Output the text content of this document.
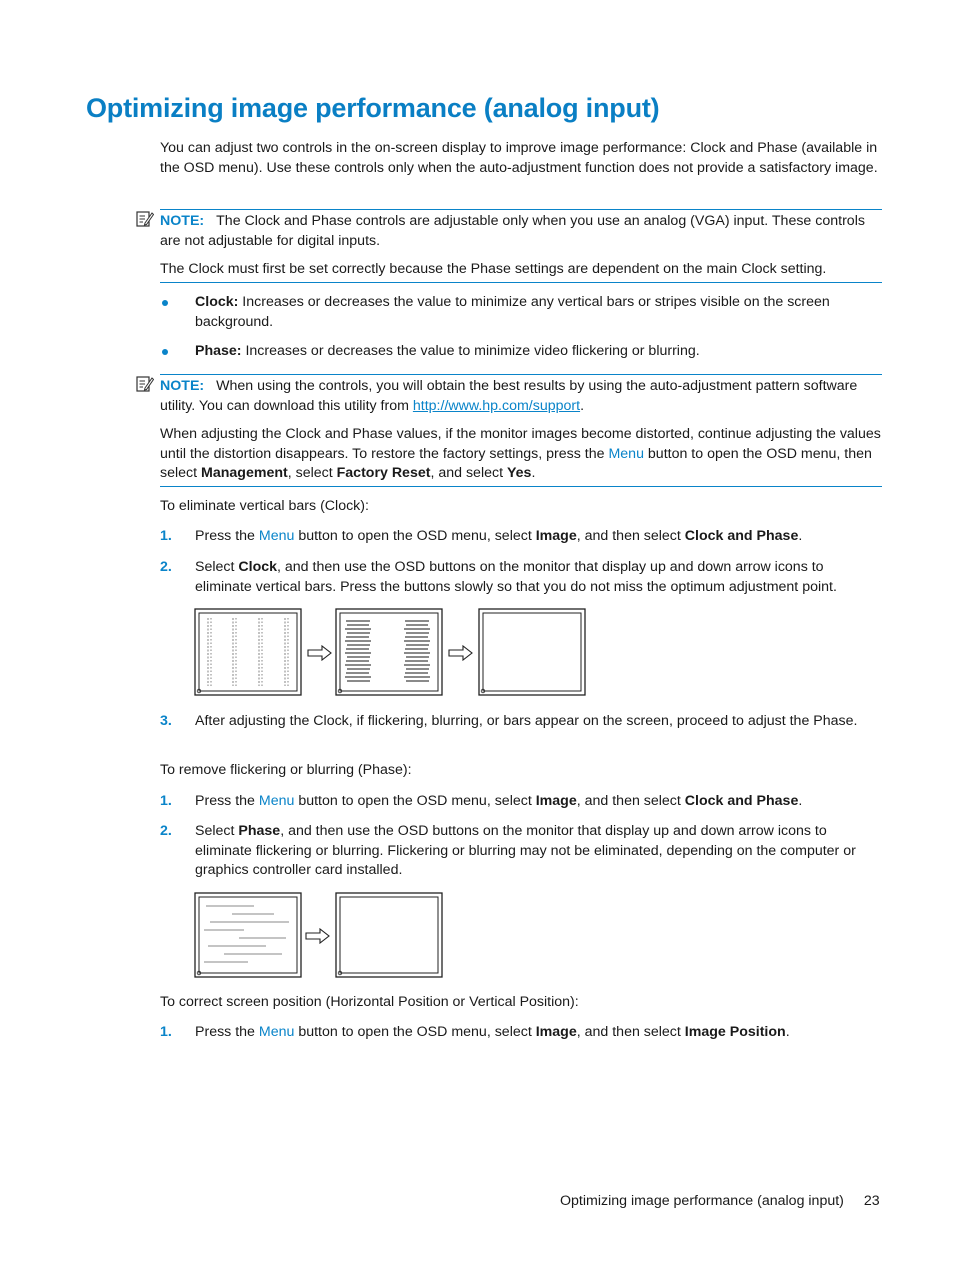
Optimizing image performance (analog input)
You can adjust two controls in the on-screen display to improve image performance: Clock and Phase (available in the OSD menu). Use these controls only when the auto-adjustment function does not provide a satisfactory image.

NOTE: The Clock and Phase controls are adjustable only when you use an analog (VGA) input. These controls are not adjustable for digital inputs.

The Clock must first be set correctly because the Phase settings are dependent on the main Clock setting.

Clock: Increases or decreases the value to minimize any vertical bars or stripes visible on the screen background.
Phase: Increases or decreases the value to minimize video flickering or blurring.

NOTE: When using the controls, you will obtain the best results by using the auto-adjustment pattern software utility. You can download this utility from http://www.hp.com/support.

When adjusting the Clock and Phase values, if the monitor images become distorted, continue adjusting the values until the distortion disappears. To restore the factory settings, press the Menu button to open the OSD menu, then select Management, select Factory Reset, and select Yes.

To eliminate vertical bars (Clock):
1. Press the Menu button to open the OSD menu, select Image, and then select Clock and Phase.
2. Select Clock, and then use the OSD buttons on the monitor that display up and down arrow icons to eliminate vertical bars. Press the buttons slowly so that you do not miss the optimum adjustment point.
3. After adjusting the Clock, if flickering, blurring, or bars appear on the screen, proceed to adjust the Phase.
To remove flickering or blurring (Phase):
1. Press the Menu button to open the OSD menu, select Image, and then select Clock and Phase.
2. Select Phase, and then use the OSD buttons on the monitor that display up and down arrow icons to eliminate flickering or blurring. Flickering or blurring may not be eliminated, depending on the computer or graphics controller card installed.
To correct screen position (Horizontal Position or Vertical Position):
1. Press the Menu button to open the OSD menu, select Image, and then select Image Position.
Optimizing image performance (analog input) 23
